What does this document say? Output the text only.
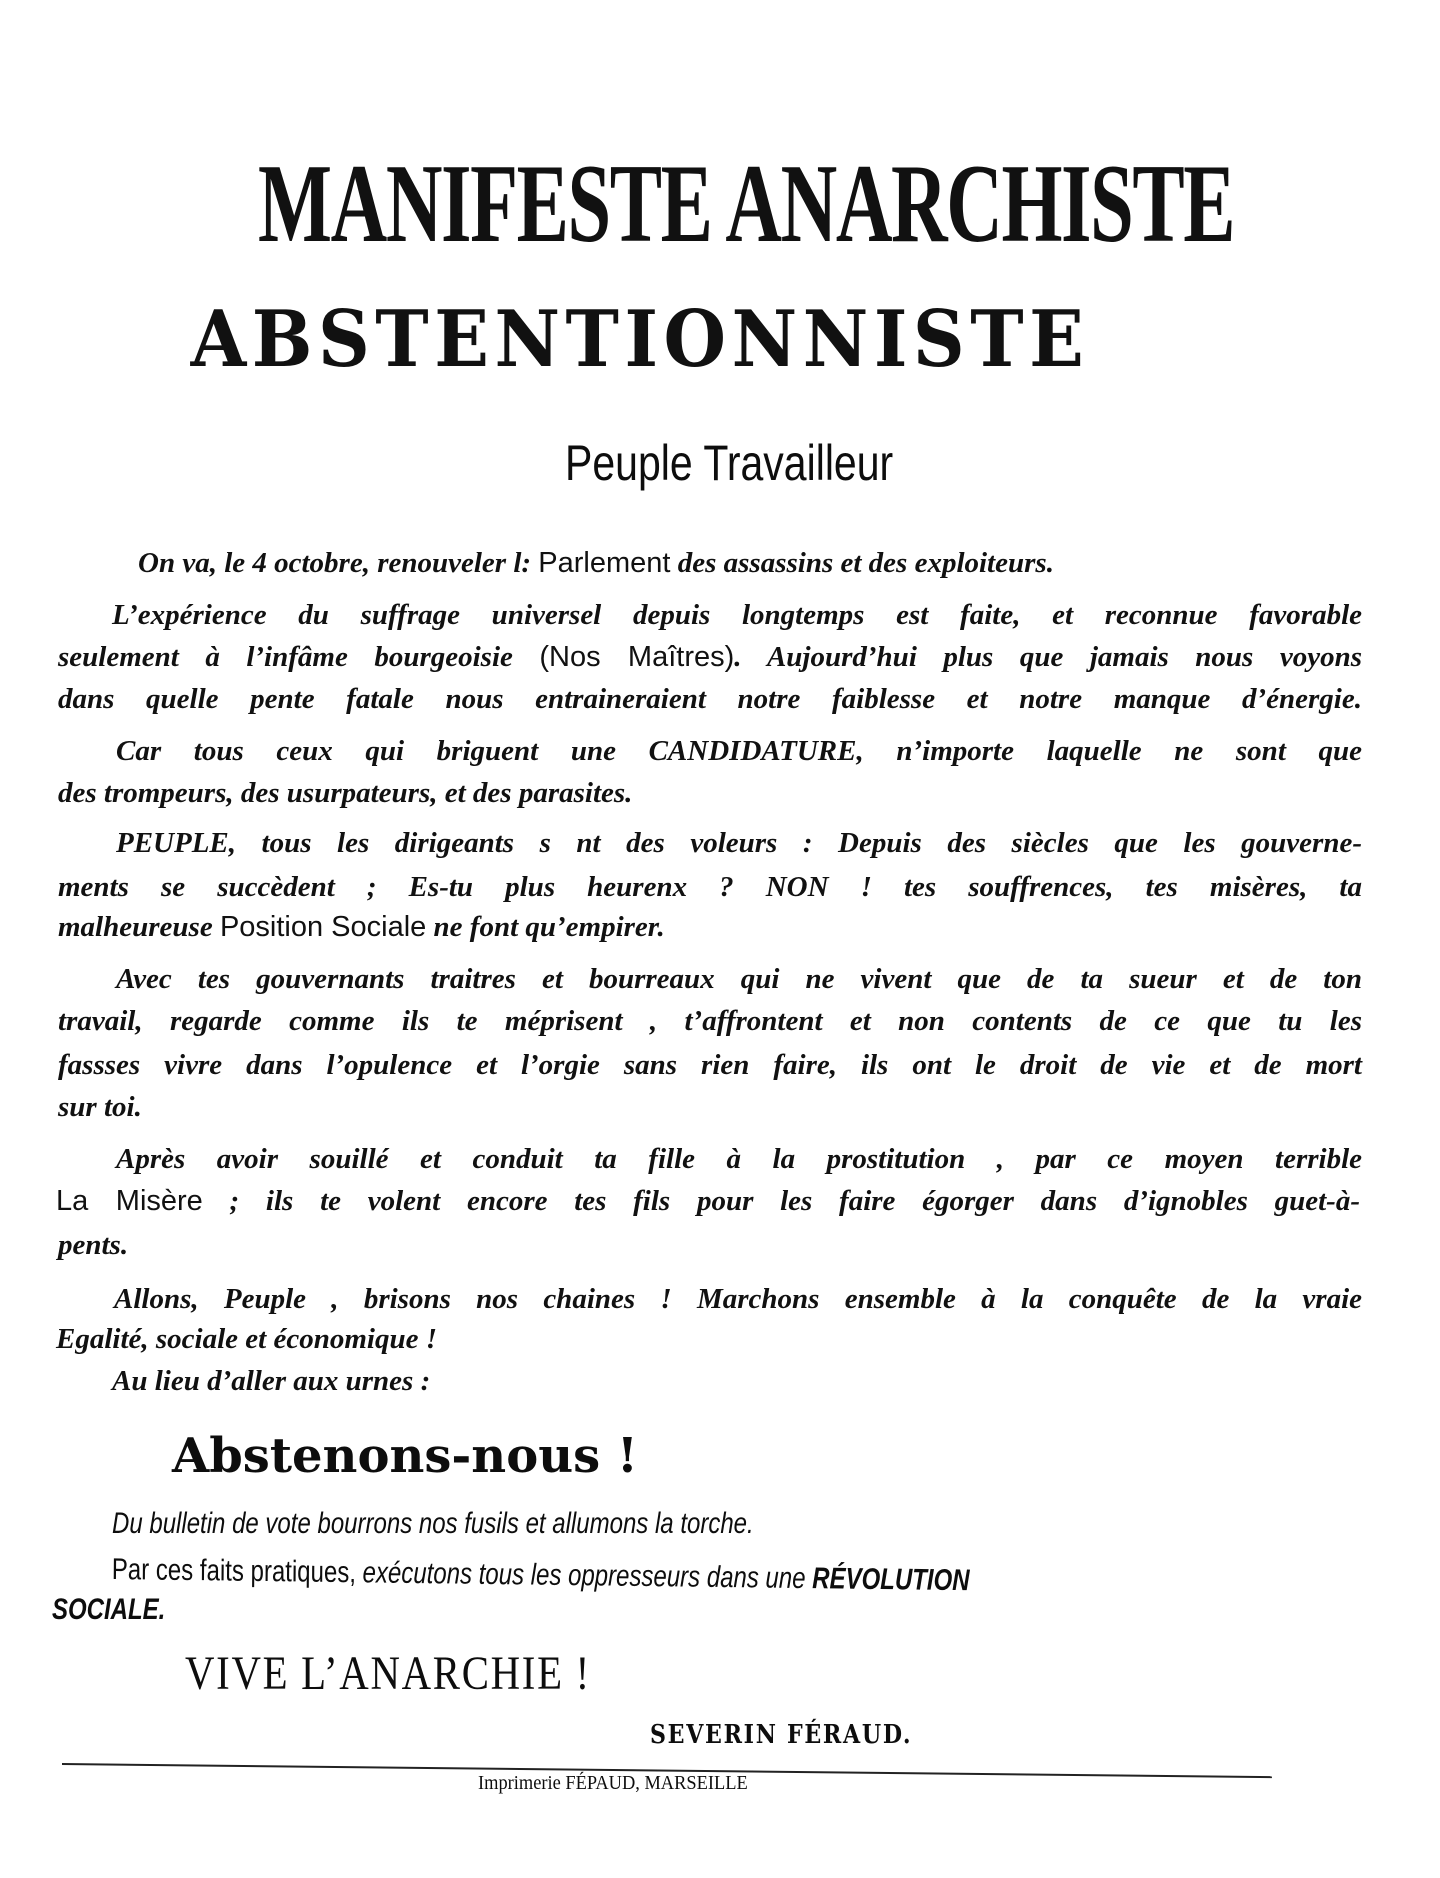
MANIFESTE ANARCHISTE
ABSTENTIONNISTE
Peuple Travailleur
On va, le 4 octobre, renouveler l: Parlement des assassins et des exploiteurs.
L’expérience du suffrage universel depuis longtemps est faite, et reconnue favorable
seulement à l’infâme bourgeoisie (Nos Maîtres). Aujourd’hui plus que jamais nous voyons
dans quelle pente fatale nous entraineraient notre faiblesse et notre manque d’énergie.
Car tous ceux qui briguent une CANDIDATURE, n’importe laquelle ne sont que
des trompeurs, des usurpateurs, et des parasites.
PEUPLE, tous les dirigeants s nt des voleurs : Depuis des siècles que les gouverne-
ments se succèdent ; Es-tu plus heurenx ? NON ! tes souffrences, tes misères, ta
malheureuse Position Sociale ne font qu’empirer.
Avec tes gouvernants traitres et bourreaux qui ne vivent que de ta sueur et de ton
travail, regarde comme ils te méprisent , t’affrontent et non contents de ce que tu les
fassses vivre dans l’opulence et l’orgie sans rien faire, ils ont le droit de vie et de mort
sur toi.
Après avoir souillé et conduit ta fille à la prostitution , par ce moyen terrible
La Misère ; ils te volent encore tes fils pour les faire égorger dans d’ignobles guet-à-
pents.
Allons, Peuple , brisons nos chaines ! Marchons ensemble à la conquête de la vraie
Egalité, sociale et économique !
Au lieu d’aller aux urnes :
Abstenons-nous !
Du bulletin de vote bourrons nos fusils et allumons la torche.
Par ces faits pratiques, exécutons tous les oppresseurs dans une RÉVOLUTION
SOCIALE.
VIVE L’ANARCHIE !
SEVERIN FÉRAUD.
Imprimerie FÉPAUD, MARSEILLE
